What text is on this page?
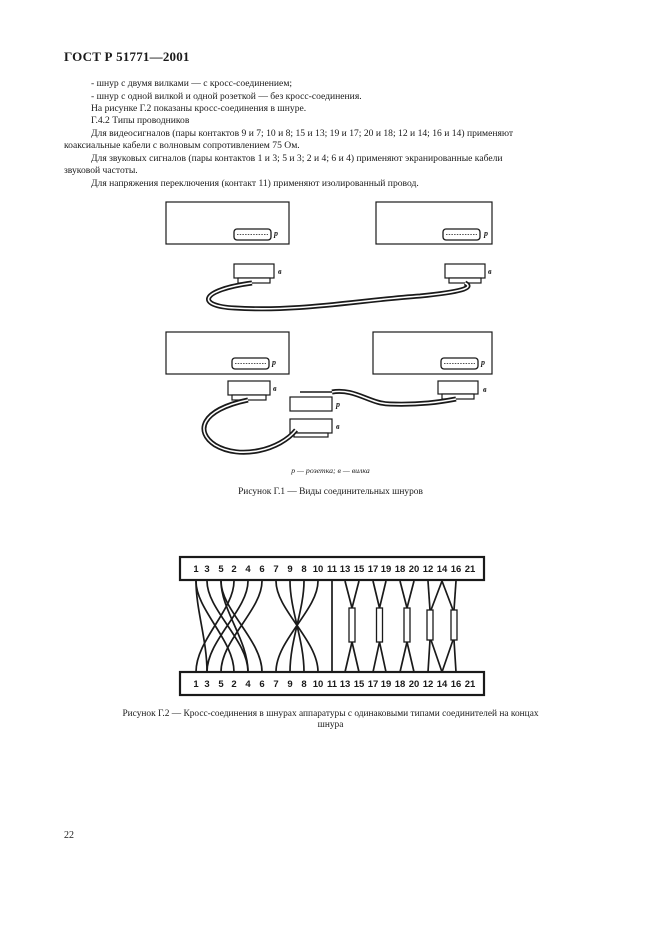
ГОСТ Р 51771—2001
- шнур с двумя вилками — с кросс-соединением;
- шнур с одной вилкой и одной розеткой — без кросс-соединения.
На рисунке Г.2 показаны кросс-соединения в шнуре.
Г.4.2 Типы проводников
Для видеосигналов (пары контактов 9 и 7; 10 и 8; 15 и 13; 19 и 17; 20 и 18; 12 и 14; 16 и 14) применяют
коаксиальные кабели с волновым сопротивлением 75 Ом.
Для звуковых сигналов (пары контактов 1 и 3; 5 и 3; 2 и 4; 6 и 4) применяют экранированные кабели
звуковой частоты.
Для напряжения переключения (контакт 11) применяют изолированный провод.
р	р
в	в
р	р
в	в
р
в
р — розетка; в — вилка
Рисунок Г.1 — Виды соединительных шнуров
1 3 5 2 4 6 7 9 8 10 11 13 15 17 19 18 20 12 14 16 21
1 3 5 2 4 6 7 9 8 10 11 13 15 17 19 18 20 12 14 16 21
Рисунок Г.2 — Кросс-соединения в шнурах аппаратуры с одинаковыми типами соединителей на концах
шнура
22
